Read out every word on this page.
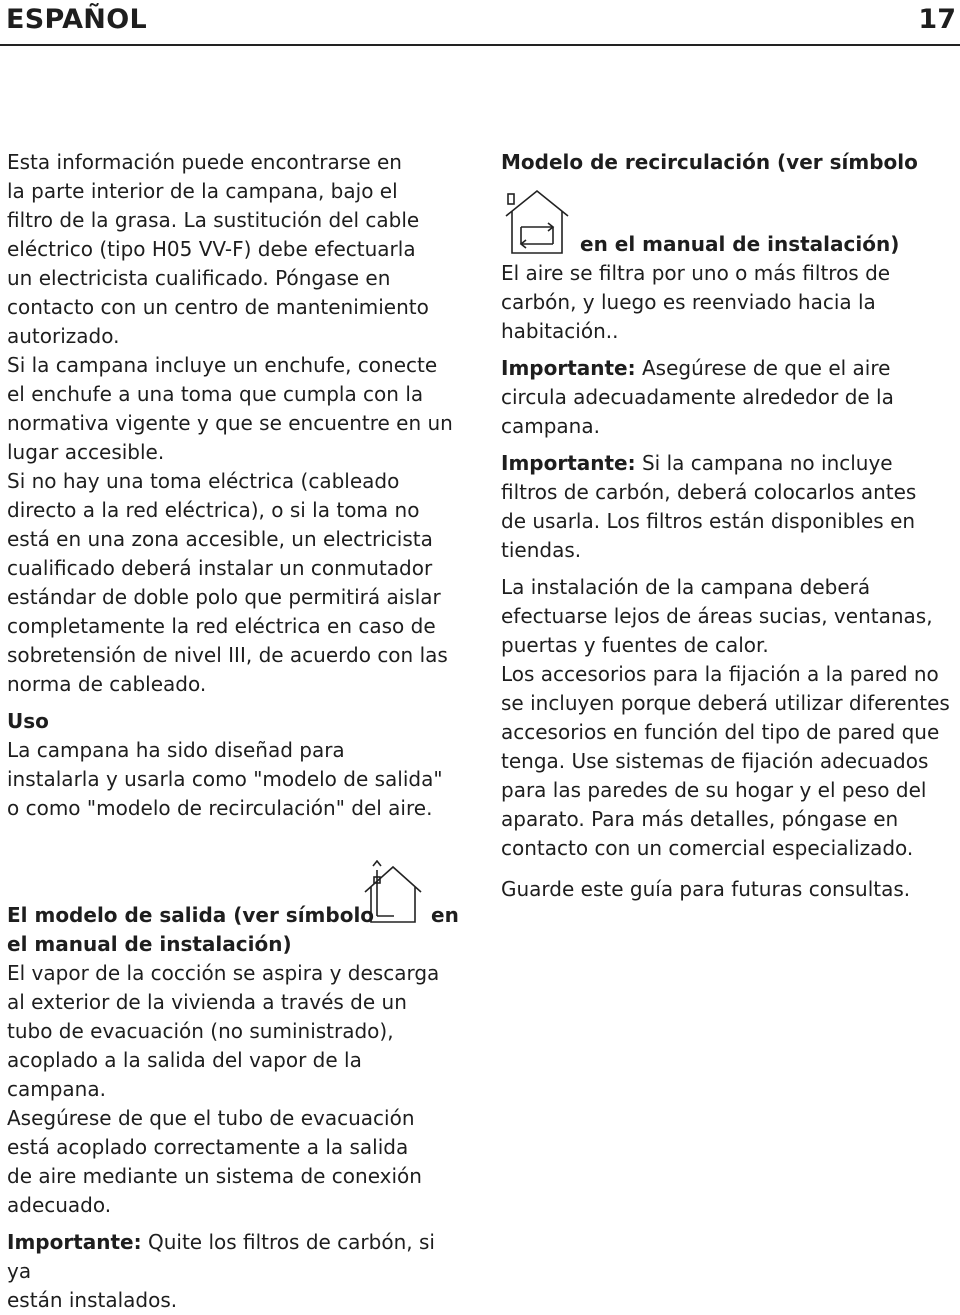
ESPAÑOL	17

Esta información puede encontrarse en
la parte interior de la campana, bajo el
filtro de la grasa. La sustitución del cable
eléctrico (tipo H05 VV-F) debe efectuarla
un electricista cualificado. Póngase en
contacto con un centro de mantenimiento
autorizado.

Si la campana incluye un enchufe, conecte
el enchufe a una toma que cumpla con la
normativa vigente y que se encuentre en un
lugar accesible.

Si no hay una toma eléctrica (cableado
directo a la red eléctrica), o si la toma no
está en una zona accesible, un electricista
cualificado deberá instalar un conmutador
estándar de doble polo que permitirá aislar
completamente la red eléctrica en caso de
sobretensión de nivel III, de acuerdo con las
norma de cableado.

Uso

La campana ha sido diseñad para
instalarla y usarla como "modelo de salida"
o como "modelo de recirculación" del aire.

El modelo de salida (ver símbolo	en

el manual de instalación)

El vapor de la cocción se aspira y descarga
al exterior de la vivienda a través de un
tubo de evacuación (no suministrado),
acoplado a la salida del vapor de la
campana.

Asegúrese de que el tubo de evacuación
está acoplado correctamente a la salida
de aire mediante un sistema de conexión
adecuado.

Importante: Quite los filtros de carbón, si ya
están instalados.

Modelo de recirculación (ver símbolo

en el manual de instalación)

El aire se filtra por uno o más filtros de
carbón, y luego es reenviado hacia la
habitación..

Importante: Asegúrese de que el aire
circula adecuadamente alrededor de la
campana.

Importante: Si la campana no incluye
filtros de carbón, deberá colocarlos antes
de usarla. Los filtros están disponibles en
tiendas.

La instalación de la campana deberá
efectuarse lejos de áreas sucias, ventanas,
puertas y fuentes de calor.

Los accesorios para la fijación a la pared no
se incluyen porque deberá utilizar diferentes
accesorios en función del tipo de pared que
tenga. Use sistemas de fijación adecuados
para las paredes de su hogar y el peso del
aparato. Para más detalles, póngase en
contacto con un comercial especializado.

Guarde este guía para futuras consultas.
